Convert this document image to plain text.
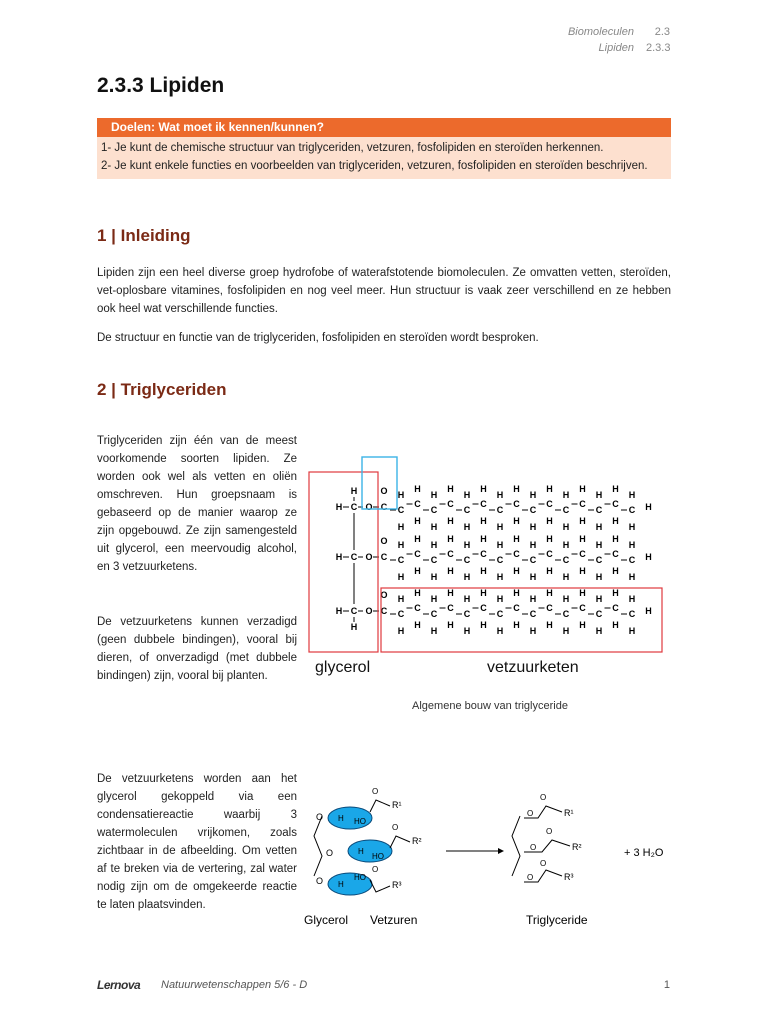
Biomoleculen	2.3
Lipiden 2.3.3
2.3.3 Lipiden
Doelen: Wat moet ik kennen/kunnen?
1- Je kunt de chemische structuur van triglyceriden, vetzuren, fosfolipiden en steroïden herkennen.
2- Je kunt enkele functies en voorbeelden van triglyceriden, vetzuren, fosfolipiden en steroïden beschrijven.
1 | Inleiding

Lipiden zijn een heel diverse groep hydrofobe of waterafstotende biomoleculen. Ze omvatten vetten, steroïden, vet-oplosbare vitamines, fosfolipiden en nog veel meer. Hun structuur is vaak zeer verschillend en ze hebben ook heel wat verschillende functies.

De structuur en functie van de triglyceriden, fosfolipiden en steroïden wordt besproken.

2 | Triglyceriden

Triglyceriden zijn één van de meest voorkomende soorten lipiden. Ze worden ook wel als vetten en oliën omschreven. Hun groepsnaam is gebaseerd op de manier waarop ze zijn opgebouwd. Ze zijn samengesteld uit glycerol, een meervoudig alcohol, en 3 vetzuurketens.

De vetzuurketens kunnen verzadigd (geen dubbele bindingen), vooral bij dieren, of onverzadigd (met dubbele bindingen) zijn, vooral bij planten.

De vetzuurketens worden aan het glycerol gekoppeld via een condensatiereactie waarbij 3 watermoleculen vrijkomen, zoals zichtbaar in de afbeelding. Om vetten af te breken via de vertering, zal water nodig zijn om de omgekeerde reactie te laten plaatsvinden.

H C O
H
C
O
C
H
H
C
H
H
C
H
H
C
H
H
C
H
H
C
H
H
C
H
H
C
H
H
C
H
H
C
H
H
C
H
H
C
H
H
C
H
H
C
H
H
C
H
H
H
H C O C
O
C
H
H
C
H
H
C
H
H
C
H
H
C
H
H
C
H
H
C
H
H
C
H
H
C
H
H
C
H
H
C
H
H
C
H
H
C
H
H
C
H
H
C
H
H
H
H C O
H
C
O
C
H
H
C
H
H
C
H
H
C
H
H
C
H
H
C
H
H
C
H
H
C
H
H
C
H
H
C
H
H
C
H
H
C
H
H
C
H
H
C
H
H
C
H
H
H
glycerol	vetzuurketen
Algemene bouw van triglyceride
O
O
O
H HO
H
HO
H
HO
O
R¹
O
R²
O
R³
O
O	R¹
O
O	R²
O
O	R³
+ 3 H₂O
Glycerol Vetzuren	Triglyceride
Lernova Natuurwetenschappen 5/6 - D	1
